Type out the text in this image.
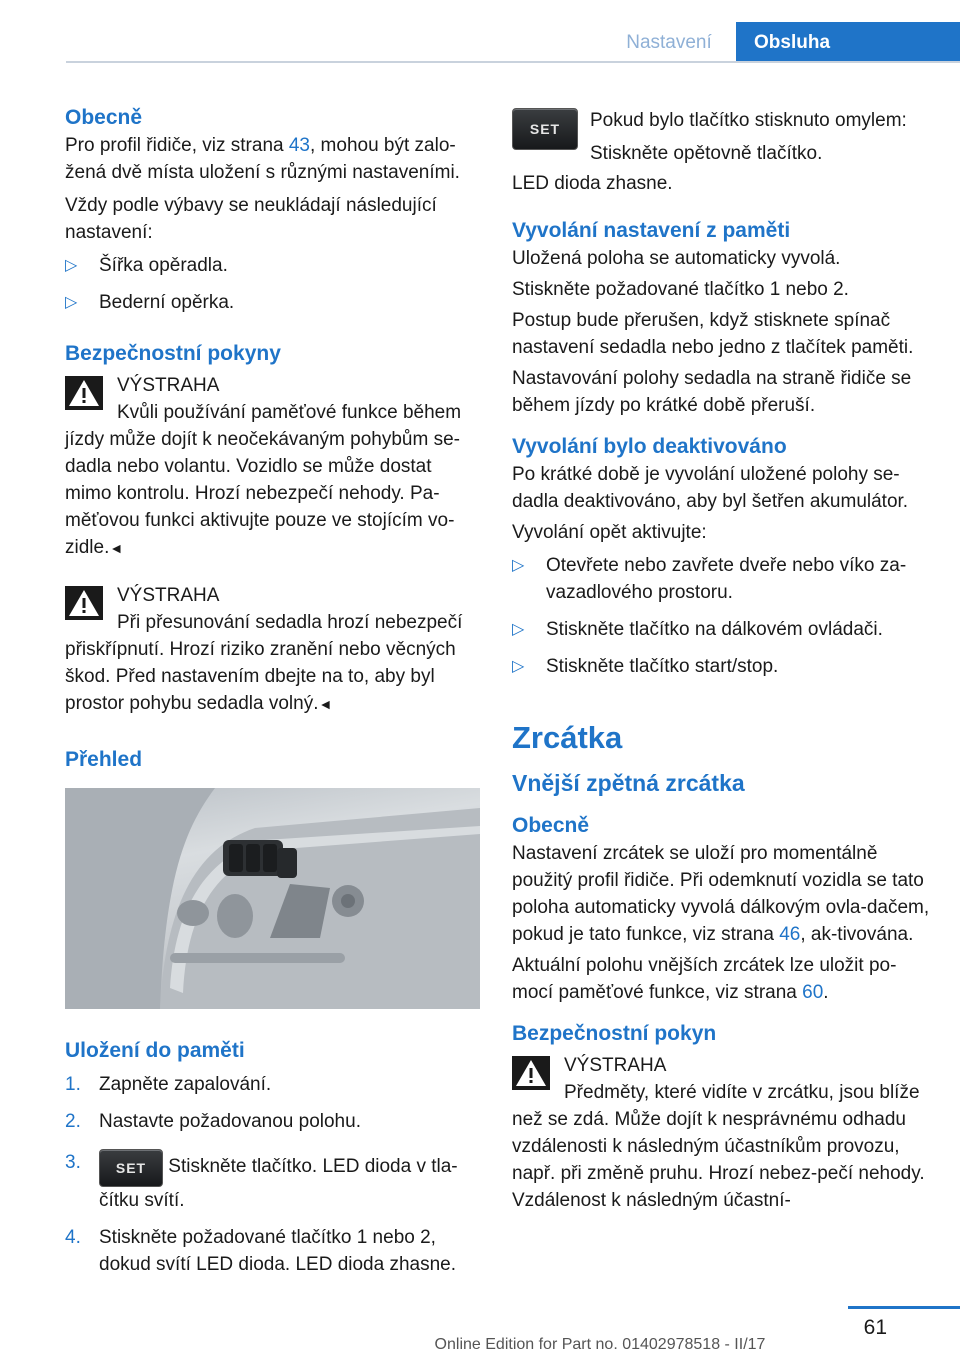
Nastavení	Obsluha
Obecně

Pro profil řidiče, viz strana 43, mohou být zalo-žená dvě místa uložení s různými nastaveními.

Vždy podle výbavy se neukládají následující nastavení:

▷ Šířka opěradla.
▷ Bederní opěrka.
Bezpečnostní pokyny
VÝSTRAHA

Kvůli používání paměťové funkce během jízdy může dojít k neočekávaným pohybům se-dadla nebo volantu. Vozidlo se může dostat mimo kontrolu. Hrozí nebezpečí nehody. Pa-měťovou funkci aktivujte pouze ve stojícím vo-zidle.◄

VÝSTRAHA

Při přesunování sedadla hrozí nebezpečí přiskřípnutí. Hrozí riziko zranění nebo věcných škod. Před nastavením dbejte na to, aby byl prostor pohybu sedadla volný.◄

Přehled
Uložení do paměti
1. Zapněte zapalování.
2. Nastavte požadovanou polohu.
3.	SET Stiskněte tlačítko. LED dioda v tla-čítku svítí.
4. Stiskněte požadované tlačítko 1 nebo 2, dokud svítí LED dioda. LED dioda zhasne.
SET	Pokud bylo tlačítko stisknuto omylem: Stiskněte opětovně tlačítko.

LED dioda zhasne.

Vyvolání nastavení z paměti

Uložená poloha se automaticky vyvolá.

Stiskněte požadované tlačítko 1 nebo 2.

Postup bude přerušen, když stisknete spínač nastavení sedadla nebo jedno z tlačítek paměti.

Nastavování polohy sedadla na straně řidiče se během jízdy po krátké době přeruší.

Vyvolání bylo deaktivováno

Po krátké době je vyvolání uložené polohy se-dadla deaktivováno, aby byl šetřen akumulátor.

Vyvolání opět aktivujte:

▷ Otevřete nebo zavřete dveře nebo víko za-vazadlového prostoru.
▷ Stiskněte tlačítko na dálkovém ovládači.
▷ Stiskněte tlačítko start/stop.
Zrcátka
Vnější zpětná zrcátka
Obecně

Nastavení zrcátek se uloží pro momentálně použitý profil řidiče. Při odemknutí vozidla se tato poloha automaticky vyvolá dálkovým ovla-dačem, pokud je tato funkce, viz strana 46, ak-tivována.

Aktuální polohu vnějších zrcátek lze uložit po-mocí paměťové funkce, viz strana 60.

Bezpečnostní pokyn
VÝSTRAHA

Předměty, které vidíte v zrcátku, jsou blíže než se zdá. Může dojít k nesprávnému odhadu vzdálenosti k následným účastníkům provozu, např. při změně pruhu. Hrozí nebez-pečí nehody. Vzdálenost k následným účastní-

61
Online Edition for Part no. 01402978518 - II/17
